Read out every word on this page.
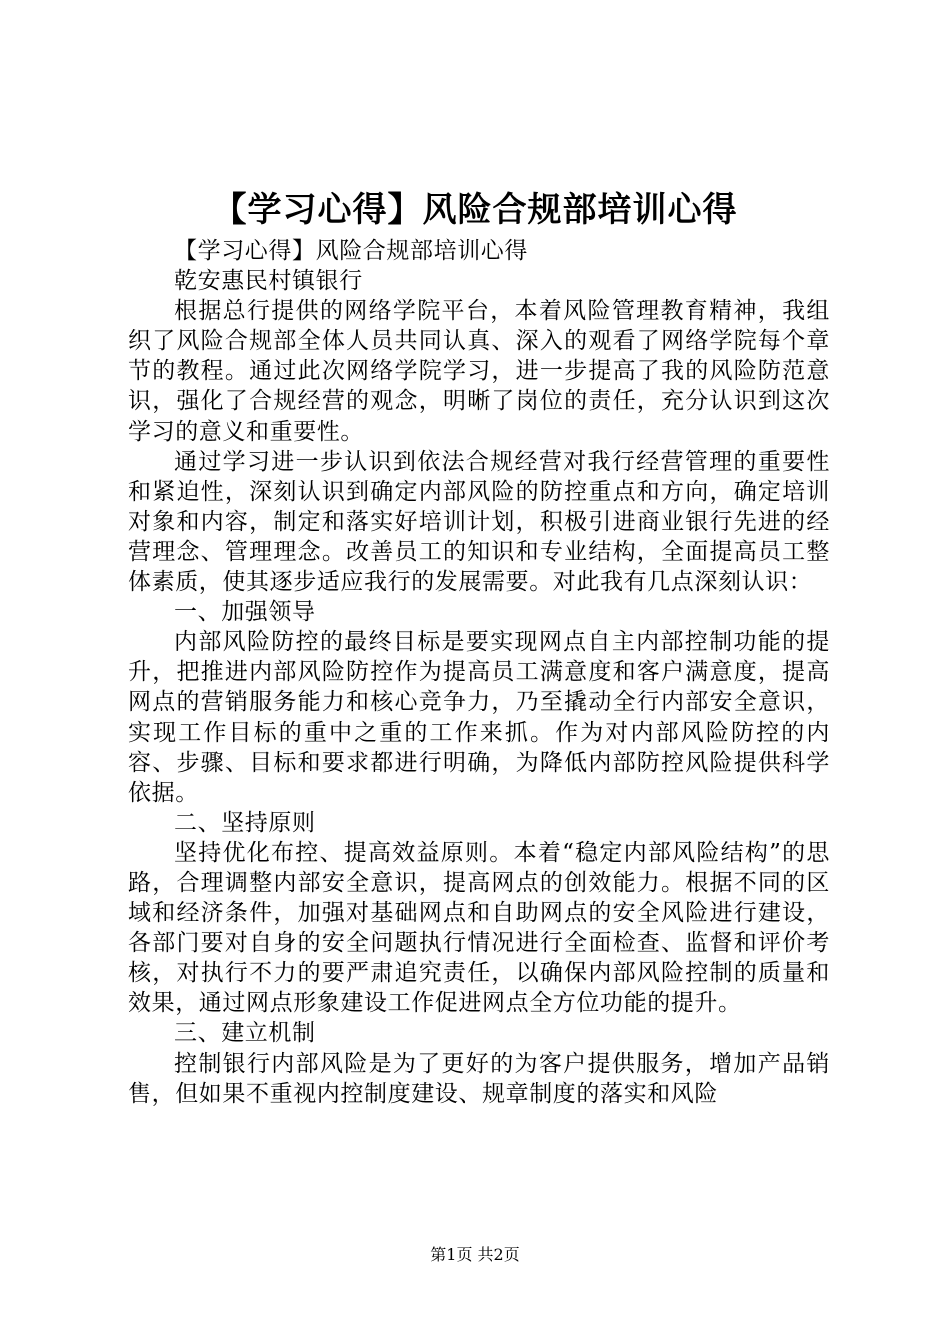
【学习心得】风险合规部培训心得

【学习心得】风险合规部培训心得

乾安惠民村镇银行

根据总行提供的网络学院平台，本着风险管理教育精神，我组织了风险合规部全体人员共同认真、深入的观看了网络学院每个章节的教程。通过此次网络学院学习，进一步提高了我的风险防范意识，强化了合规经营的观念，明晰了岗位的责任，充分认识到这次学习的意义和重要性。

通过学习进一步认识到依法合规经营对我行经营管理的重要性和紧迫性，深刻认识到确定内部风险的防控重点和方向，确定培训对象和内容，制定和落实好培训计划，积极引进商业银行先进的经营理念、管理理念。改善员工的知识和专业结构，全面提高员工整体素质，使其逐步适应我行的发展需要。对此我有几点深刻认识：

一、加强领导

内部风险防控的最终目标是要实现网点自主内部控制功能的提升，把推进内部风险防控作为提高员工满意度和客户满意度，提高网点的营销服务能力和核心竞争力，乃至撬动全行内部安全意识，实现工作目标的重中之重的工作来抓。作为对内部风险防控的内容、步骤、目标和要求都进行明确，为降低内部防控风险提供科学依据。

二、坚持原则

坚持优化布控、提高效益原则。本着“稳定内部风险结构”的思路，合理调整内部安全意识，提高网点的创效能力。根据不同的区域和经济条件，加强对基础网点和自助网点的安全风险进行建设，各部门要对自身的安全问题执行情况进行全面检查、监督和评价考核，对执行不力的要严肃追究责任，以确保内部风险控制的质量和效果，通过网点形象建设工作促进网点全方位功能的提升。

三、建立机制

控制银行内部风险是为了更好的为客户提供服务，增加产品销售，但如果不重视内控制度建设、规章制度的落实和风险

第1页 共2页
